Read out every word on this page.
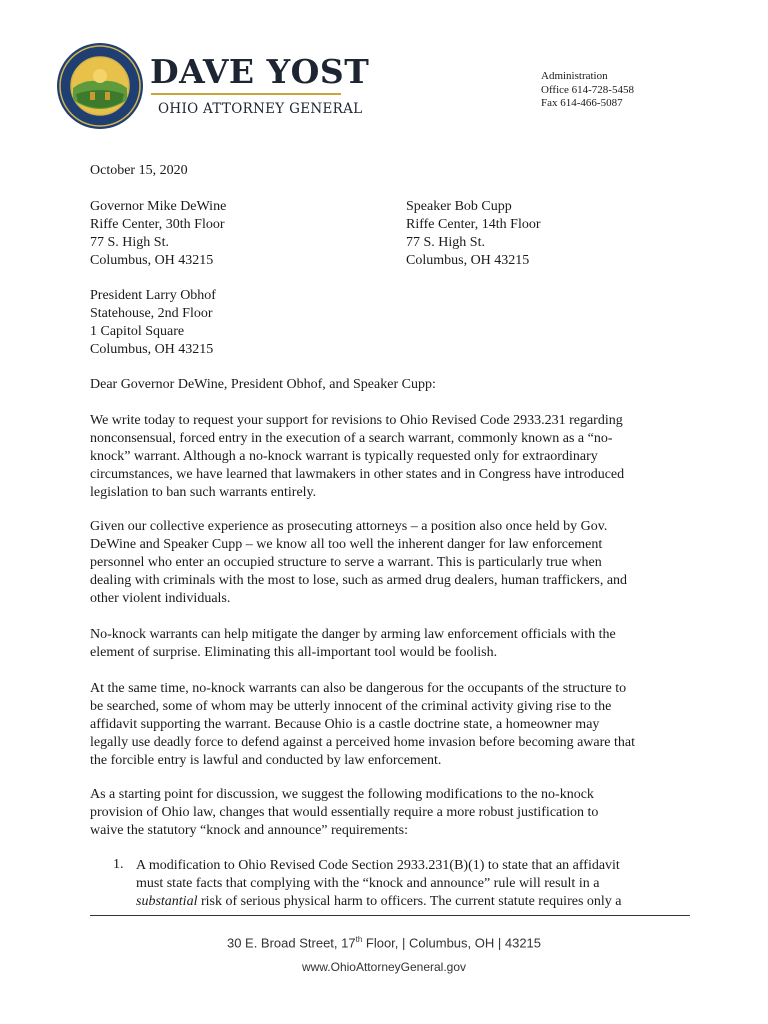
DAVE YOST
OHIO ATTORNEY GENERAL
Administration
Office 614-728-5458
Fax 614-466-5087
October 15, 2020
Governor Mike DeWine
Riffe Center, 30th Floor
77 S. High St.
Columbus, OH 43215
Speaker Bob Cupp
Riffe Center, 14th Floor
77 S. High St.
Columbus, OH 43215
President Larry Obhof
Statehouse, 2nd Floor
1 Capitol Square
Columbus, OH 43215
Dear Governor DeWine, President Obhof, and Speaker Cupp:
We write today to request your support for revisions to Ohio Revised Code 2933.231 regarding
nonconsensual, forced entry in the execution of a search warrant, commonly known as a “no-
knock” warrant. Although a no-knock warrant is typically requested only for extraordinary
circumstances, we have learned that lawmakers in other states and in Congress have introduced
legislation to ban such warrants entirely.
Given our collective experience as prosecuting attorneys – a position also once held by Gov.
DeWine and Speaker Cupp – we know all too well the inherent danger for law enforcement
personnel who enter an occupied structure to serve a warrant. This is particularly true when
dealing with criminals with the most to lose, such as armed drug dealers, human traffickers, and
other violent individuals.
No-knock warrants can help mitigate the danger by arming law enforcement officials with the
element of surprise. Eliminating this all-important tool would be foolish.
At the same time, no-knock warrants can also be dangerous for the occupants of the structure to
be searched, some of whom may be utterly innocent of the criminal activity giving rise to the
affidavit supporting the warrant. Because Ohio is a castle doctrine state, a homeowner may
legally use deadly force to defend against a perceived home invasion before becoming aware that
the forcible entry is lawful and conducted by law enforcement.
As a starting point for discussion, we suggest the following modifications to the no-knock
provision of Ohio law, changes that would essentially require a more robust justification to
waive the statutory “knock and announce” requirements:
1. A modification to Ohio Revised Code Section 2933.231(B)(1) to state that an affidavit
must state facts that complying with the “knock and announce” rule will result in a
substantial risk of serious physical harm to officers. The current statute requires only a
30 E. Broad Street, 17th Floor, | Columbus, OH | 43215
www.OhioAttorneyGeneral.gov
